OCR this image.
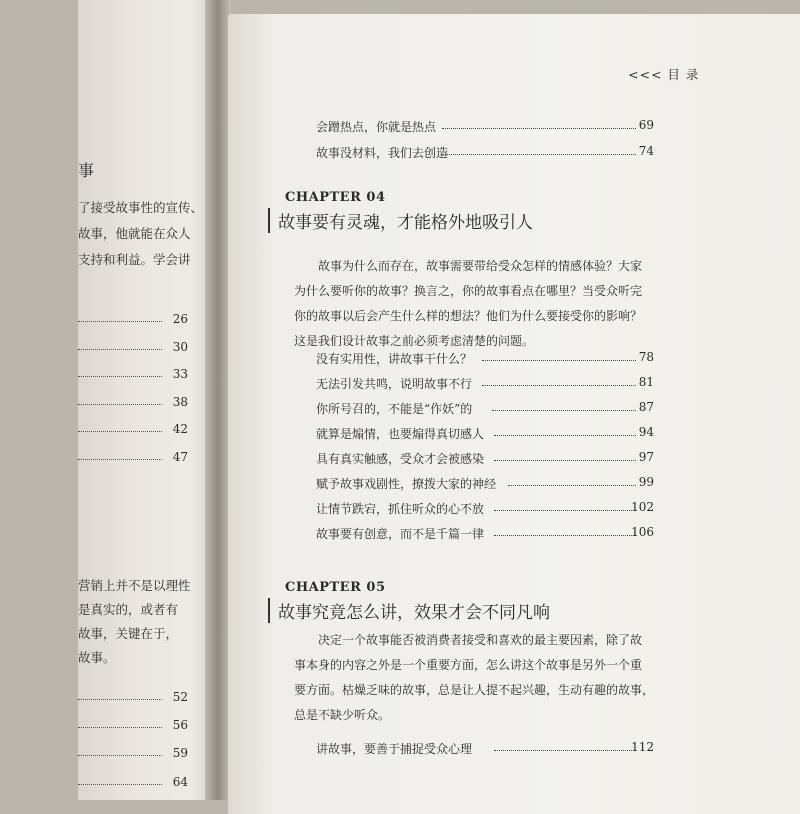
事
了接受故事性的宣传、
故事，他就能在众人
支持和利益。学会讲
26
30
33
38
42
47
营销上并不是以理性
是真实的，或者有
故事，关键在于，
故事。
52
56
59
64
<<< 目 录
会蹭热点，你就是热点	69
故事没材料，我们去创造	74
CHAPTER 04
故事要有灵魂，才能格外地吸引人
故事为什么而存在，故事需要带给受众怎样的情感体验？大家
为什么要听你的故事？换言之，你的故事看点在哪里？当受众听完
你的故事以后会产生什么样的想法？他们为什么要接受你的影响？
这是我们设计故事之前必须考虑清楚的问题。
没有实用性，讲故事干什么？	78
无法引发共鸣，说明故事不行	81
你所号召的，不能是“作妖”的	87
就算是煽情，也要煽得真切感人	94
具有真实触感，受众才会被感染	97
赋予故事戏剧性，撩拨大家的神经	99
让情节跌宕，抓住听众的心不放	102
故事要有创意，而不是千篇一律	106
CHAPTER 05
故事究竟怎么讲，效果才会不同凡响
决定一个故事能否被消费者接受和喜欢的最主要因素，除了故
事本身的内容之外是一个重要方面，怎么讲这个故事是另外一个重
要方面。枯燥乏味的故事，总是让人提不起兴趣，生动有趣的故事，
总是不缺少听众。
讲故事，要善于捕捉受众心理	112
